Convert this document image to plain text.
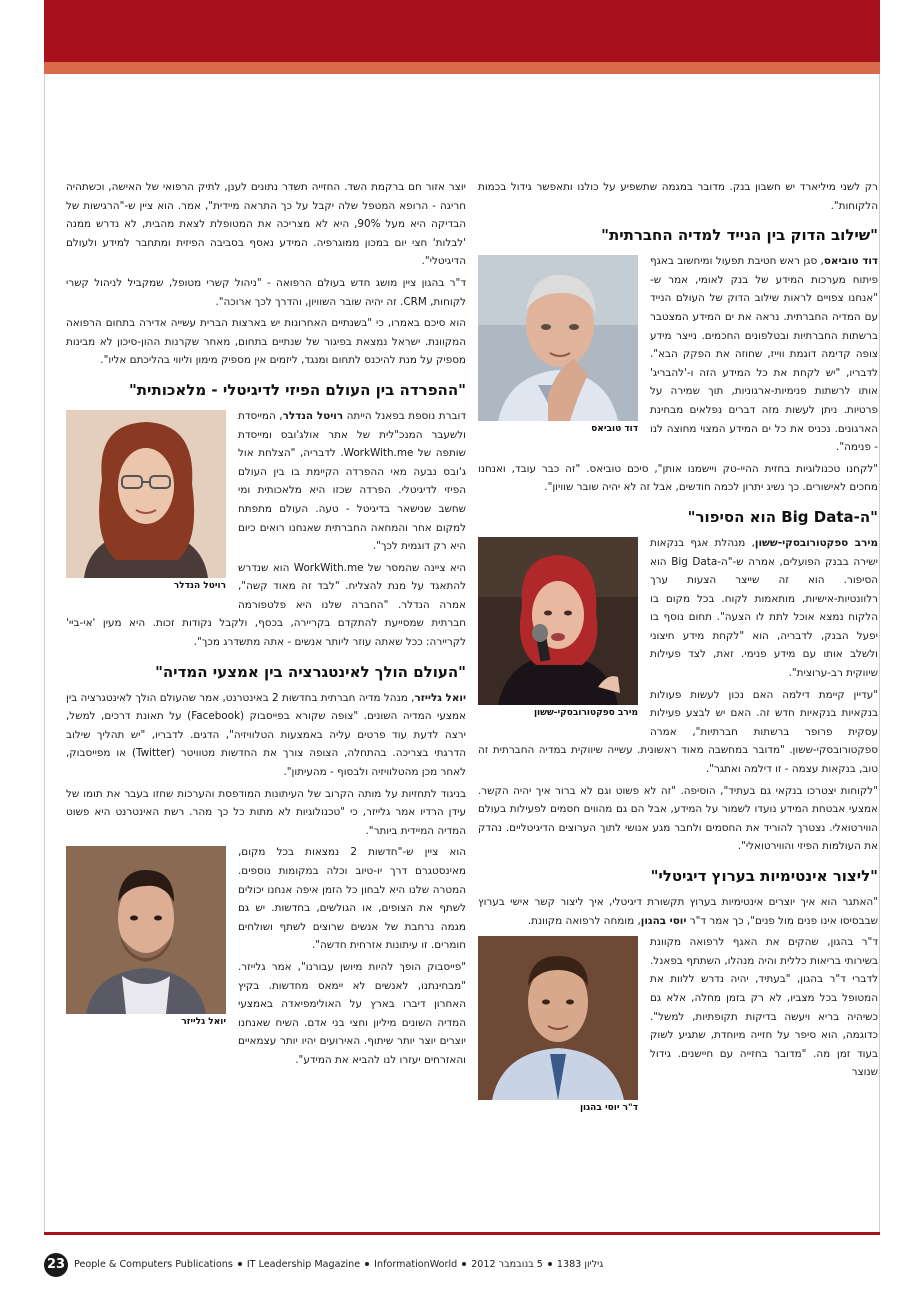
רק לשני מיליארד יש חשבון בנק. מדובר במגמה שתשפיע על כולנו ותאפשר גידול בכמות הלקוחות".

"שילוב הדוק בין הנייד למדיה החברתית"
דוד טוביאס

דוד טוביאס, סגן ראש חטיבת תפעול ומיחשוב באגף פיתוח מערכות המידע של בנק לאומי, אמר ש-"אנחנו צפויים לראות שילוב הדוק של העולם הנייד עם המדיה החברתית. נראה את ים המידע המצטבר ברשתות החברתיות ובטלפונים החכמים. נייצר מידע צופה קדימה דוגמת ווייז, שחוזה את הפקק הבא". לדבריו, "יש לקחת את כל המידע הזה ו-'להבריג' אותו לרשתות פנימיות-ארגוניות, תוך שמירה על פרטיות. ניתן לעשות מזה דברים נפלאים מבחינת הארגונים. נכניס את כל ים המידע המצוי מחוצה לנו - פנימה".

"לקחנו טכנולוגיות בחזית ההיי-טק ויישמנו אותן", סיכם טוביאס. "זה כבר עובד, ואנחנו מחכים לאישורים. כך נשיג יתרון לכמה חודשים, אבל זה לא יהיה שובר שוויון".

"ה-Big Data הוא הסיפור"
מירב ספקטורובסקי-ששון

מירב ספקטורובסקי-ששון, מנהלת אגף בנקאות ישירה בבנק הפועלים, אמרה ש-"ה-Big Data הוא הסיפור. הוא זה שייצר הצעות ערך רלוונטיות-אישיות, מותאמות לקוח. בכל מקום בו הלקוח נמצא אוכל לתת לו הצעה". תחום נוסף בו יפעל הבנק, לדבריה, הוא "לקחת מידע חיצוני ולשלב אותו עם מידע פנימי. זאת, לצד פעילות שיווקית רב-ערוצית".

"עדיין קיימת דילמה האם נכון לעשות פעולות בנקאיות בנקאיות חדש זה. האם יש לבצע פעילות עסקית פרופר ברשתות חברתיות", אמרה ספקטורובסקי-ששון. "מדובר במחשבה מאוד ראשונית. עשייה שיווקית במדיה החברתית זה טוב, בנקאות עצמה - זו דילמה ואתגר".

"לקוחות יצטרכו בנקאי גם בעתיד", הוסיפה. "זה לא פשוט וגם לא ברור איך יהיה הקשר. אמצעי אבטחת המידע נועדו לשמור על המידע, אבל הם גם מהווים חסמים לפעילות בעולם הווירטואלי. נצטרך להוריד את החסמים ולחבר מגע אנושי לתוך הערוצים הדיגיטליים. נהדק את העולמות הפיזי והווירטואלי".

"ליצור אינטימיות בערוץ דיגיטלי"

"האתגר הוא איך יוצרים אינטימיות בערוץ תקשורת דיגיטלי, איך ליצור קשר אישי בערוץ שבבסיסו אינו פנים מול פנים", כך אמר ד"ר יוסי בהגון, מומחה לרפואה מקוונת.

ד"ר יוסי בהגון

ד"ר בהגון, שהקים את האגף לרפואה מקוונת בשירותי בריאות כללית והיה מנהלו, השתתף בפאנל. לדברי ד"ר בהגון, "בעתיד, יהיה נדרש ללוות את המטופל בכל מצביו, לא רק בזמן מחלה, אלא גם כשיהיה בריא ויעשה בדיקות תקופתיות, למשל". כדוגמה, הוא סיפר על חזייה מיוחדת, שתגיע לשוק בעוד זמן מה. "מדובר בחזייה עם חיישנים. גידול שנוצר

יוצר אזור חם ברקמת השד. החזייה תשדר נתונים לענן, לתיק הרפואי של האישה, וכשתהיה חריגה - הרופא המטפל שלה יקבל על כך התראה מיידית", אמר. הוא ציין ש-"הרגישות של הבדיקה היא מעל 90%, היא לא מצריכה את המטופלת לצאת מהבית, לא נדרש ממנה 'לבלות' חצי יום במכון ממוגרפיה. המידע נאסף בסביבה הפיזית ומתחבר למידע ולעולם הדיגיטלי".

ד"ר בהגון ציין מושג חדש בעולם הרפואה - "ניהול קשרי מטופל, שמקביל לניהול קשרי לקוחות, CRM. זה יהיה שובר השוויון, והדרך לכך ארוכה".

הוא סיכם באמרו, כי "בשנתיים האחרונות יש בארצות הברית עשייה אדירה בתחום הרפואה המקוונת. ישראל נמצאת בפיגור של שנתיים בתחום, מאחר שקרנות ההון-סיכון לא מבינות מספיק על מנת להיכנס לתחום ומנגד, ליזמים אין מספיק מימון וליווי בהליכתם אליו".

"ההפרדה בין העולם הפיזי לדיגיטלי - מלאכותית"
רויטל הנדלר

דוברת נוספת בפאנל הייתה רויטל הנדלר, המייסדת ולשעבר המנכ"לית של אתר אולג'ובס ומייסדת שותפה של WorkWith.me. לדבריה, "הצלחת אול ג'ובס נבעה מאי ההפרדה הקיימת בו בין העולם הפיזי לדיגיטלי. הפרדה שכזו היא מלאכותית ומי שחשב שנישאר בדיגיטל - טעה. העולם מתפתח למקום אחר והמחאה החברתית שאנחנו רואים כיום היא רק דוגמית לכך".

היא ציינה שהמסר של WorkWith.me הוא שנדרש להתאגד על מנת להצליח. "לבד זה מאוד קשה", אמרה הנדלר. "החברה שלנו היא פלטפורמה חברתית שמסייעת להתקדם בקריירה, בכסף, ולקבל נקודות זכות. היא מעין 'אי-ביי' לקריירה: ככל שאתה עוזר ליותר אנשים - אתה מתשדרג מכך".

"העולם הולך לאינטגרציה בין אמצעי המדיה"

יואל גלייזר, מנהל מדיה חברתית בחדשות 2 באינטרנט, אמר שהעולם הולך לאינטגרציה בין אמצעי המדיה השונים. "צופה שקורא בפייסבוק (Facebook) על תאונת דרכים, למשל, ירצה לדעת עוד פרטים עליה באמצעות הטלוויזיה", הדגים. לדבריו, "יש תהליך שילוב הדרגתי בצריכה. בהתחלה, הצופה צורך את החדשות מטוויטר (Twitter) או מפייסבוק, לאחר מכן מהטלוויזיה ולבסוף - מהעיתון".

בניגוד לתחזיות על מותה הקרוב של העיתונות המודפסת והערכות שחזו בעבר את תומו של עידן הרדיו אמר גלייזר, כי "טכנולוגיות לא מתות כל כך מהר. רשת האינטרנט היא פשוט המדיה המיידית ביותר".

יואל גלייזר

הוא ציין ש-"חדשות 2 נמצאות בכל מקום, מאינסטגרם דרך יו-טיוב וכלה במקומות נוספים. המטרה שלנו היא לבחון כל הזמן איפה אנחנו יכולים לשתף את הצופים, או הגולשים, בחדשות. יש גם מגמה נרחבת של אנשים שרוצים לשתף ושולחים חומרים. זו עיתונות אזרחית חדשה".

"פייסבוק הופך להיות מיושן עבורנו", אמר גלייזר. "מבחינתנו, לאנשים לא יימאס מחדשות. בקיץ האחרון דיברו בארץ על האולימפיאדה באמצעי המדיה השונים מיליון וחצי בני אדם. השיח שאנחנו יוצרים יוצר יותר שיתוף. האירועים יהיו יותר עצמאיים והאזרחים יעזרו לנו להביא את המידע".

23 People & Computers Publications IT Leadership Magazine InformationWorld 5 בנובמבר 2012 גיליון 1383
